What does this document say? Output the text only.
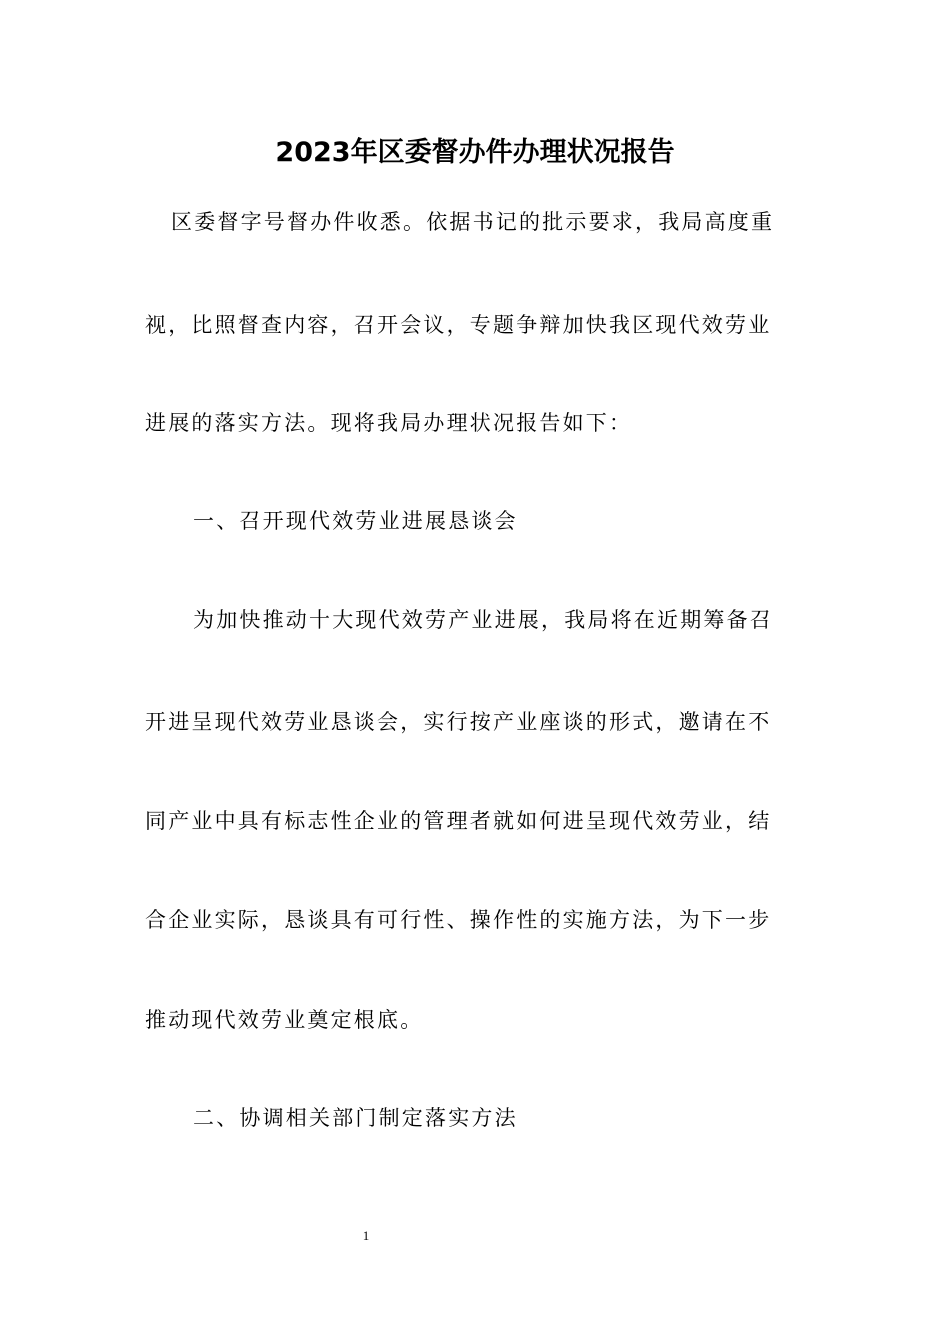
2023年区委督办件办理状况报告

区委督字号督办件收悉。依据书记的批示要求，我局高度重

视，比照督查内容，召开会议，专题争辩加快我区现代效劳业

进展的落实方法。现将我局办理状况报告如下：

一、召开现代效劳业进展恳谈会

为加快推动十大现代效劳产业进展，我局将在近期筹备召

开进呈现代效劳业恳谈会，实行按产业座谈的形式，邀请在不

同产业中具有标志性企业的管理者就如何进呈现代效劳业，结

合企业实际，恳谈具有可行性、操作性的实施方法，为下一步

推动现代效劳业奠定根底。

二、协调相关部门制定落实方法

1
